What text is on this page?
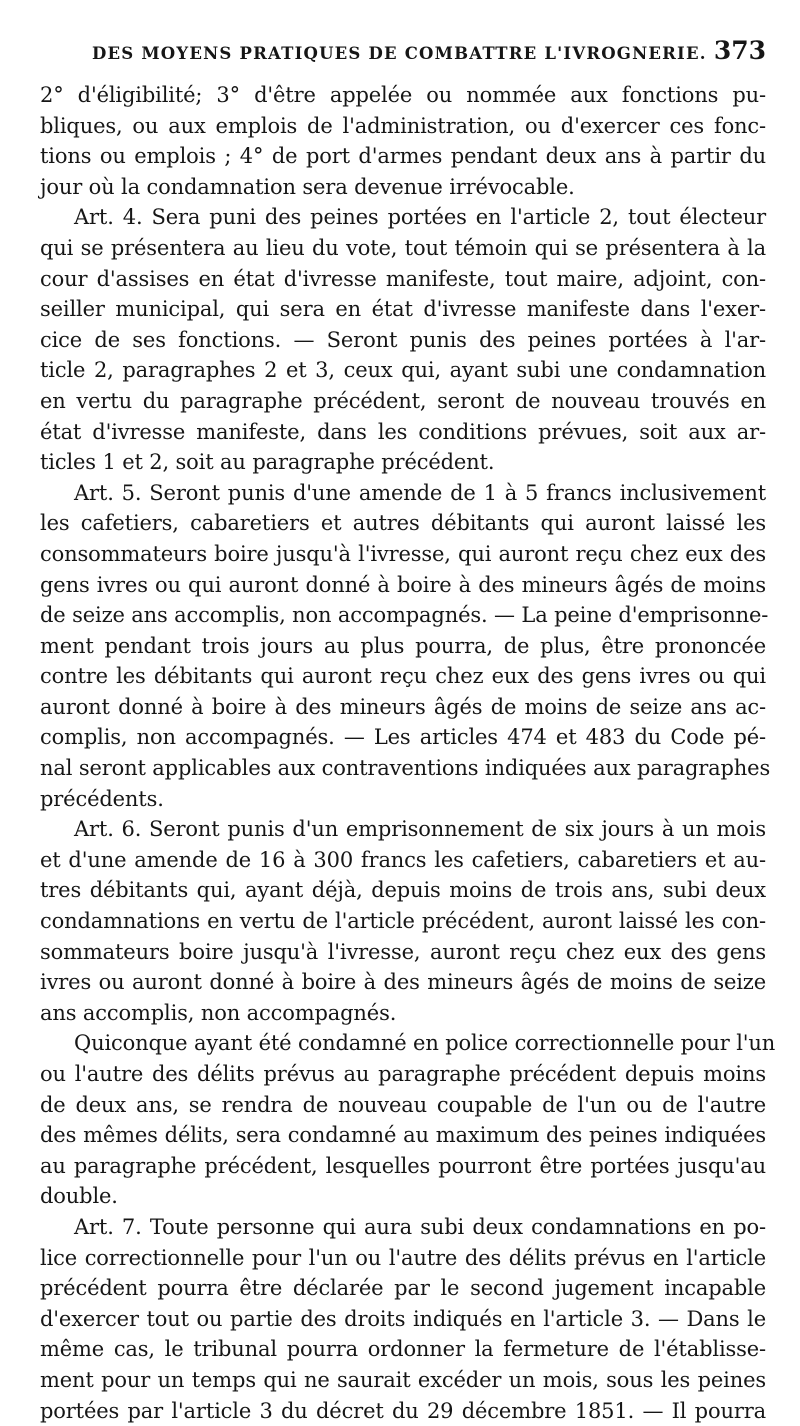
DES MOYENS PRATIQUES DE COMBATTRE L'IVROGNERIE. 373

2° d'éligibilité; 3° d'être appelée ou nommée aux fonctions pu-

bliques, ou aux emplois de l'administration, ou d'exercer ces fonc-

tions ou emplois ; 4° de port d'armes pendant deux ans à partir du

jour où la condamnation sera devenue irrévocable.

Art. 4. Sera puni des peines portées en l'article 2, tout électeur

qui se présentera au lieu du vote, tout témoin qui se présentera à la

cour d'assises en état d'ivresse manifeste, tout maire, adjoint, con-

seiller municipal, qui sera en état d'ivresse manifeste dans l'exer-

cice de ses fonctions. — Seront punis des peines portées à l'ar-

ticle 2, paragraphes 2 et 3, ceux qui, ayant subi une condamnation

en vertu du paragraphe précédent, seront de nouveau trouvés en

état d'ivresse manifeste, dans les conditions prévues, soit aux ar-

ticles 1 et 2, soit au paragraphe précédent.

Art. 5. Seront punis d'une amende de 1 à 5 francs inclusivement

les cafetiers, cabaretiers et autres débitants qui auront laissé les

consommateurs boire jusqu'à l'ivresse, qui auront reçu chez eux des

gens ivres ou qui auront donné à boire à des mineurs âgés de moins

de seize ans accomplis, non accompagnés. — La peine d'emprisonne-

ment pendant trois jours au plus pourra, de plus, être prononcée

contre les débitants qui auront reçu chez eux des gens ivres ou qui

auront donné à boire à des mineurs âgés de moins de seize ans ac-

complis, non accompagnés. — Les articles 474 et 483 du Code pé-

nal seront applicables aux contraventions indiquées aux paragraphes

précédents.

Art. 6. Seront punis d'un emprisonnement de six jours à un mois

et d'une amende de 16 à 300 francs les cafetiers, cabaretiers et au-

tres débitants qui, ayant déjà, depuis moins de trois ans, subi deux

condamnations en vertu de l'article précédent, auront laissé les con-

sommateurs boire jusqu'à l'ivresse, auront reçu chez eux des gens

ivres ou auront donné à boire à des mineurs âgés de moins de seize

ans accomplis, non accompagnés.

Quiconque ayant été condamné en police correctionnelle pour l'un

ou l'autre des délits prévus au paragraphe précédent depuis moins

de deux ans, se rendra de nouveau coupable de l'un ou de l'autre

des mêmes délits, sera condamné au maximum des peines indiquées

au paragraphe précédent, lesquelles pourront être portées jusqu'au

double.

Art. 7. Toute personne qui aura subi deux condamnations en po-

lice correctionnelle pour l'un ou l'autre des délits prévus en l'article

précédent pourra être déclarée par le second jugement incapable

d'exercer tout ou partie des droits indiqués en l'article 3. — Dans le

même cas, le tribunal pourra ordonner la fermeture de l'établisse-

ment pour un temps qui ne saurait excéder un mois, sous les peines

portées par l'article 3 du décret du 29 décembre 1851. — Il pourra
